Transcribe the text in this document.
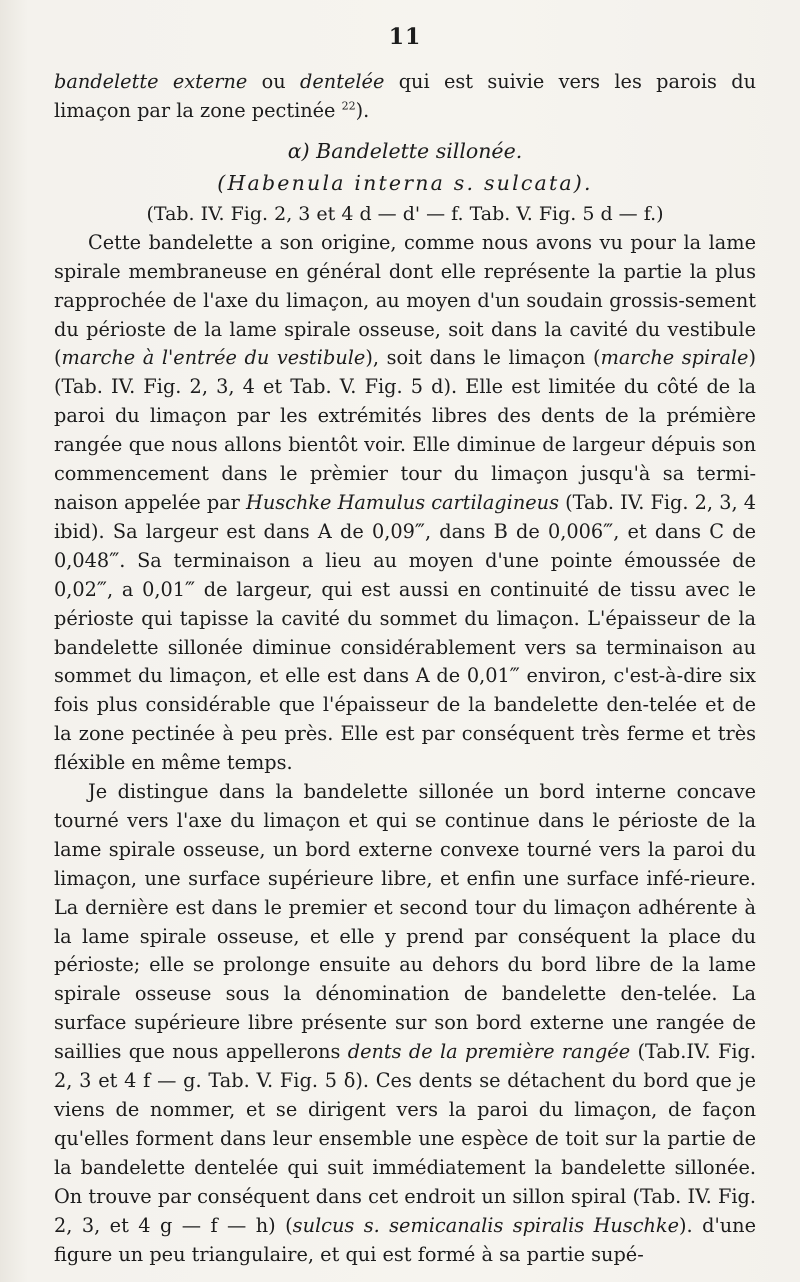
11

bandelette externe ou dentelée qui est suivie vers les parois du limaçon par la zone pectinée $^{22}$).

α) Bandelette sillonée.

(Habenula interna s. sulcata).

(Tab. IV. Fig. 2, 3 et 4 d — d' — f. Tab. V. Fig. 5 d — f.)

Cette bandelette a son origine, comme nous avons vu pour la lame spirale membraneuse en général dont elle représente la partie la plus rapprochée de l'axe du limaçon, au moyen d'un soudain grossis-sement du périoste de la lame spirale osseuse, soit dans la cavité du vestibule (marche à l'entrée du vestibule), soit dans le limaçon (marche spirale) (Tab. IV. Fig. 2, 3, 4 et Tab. V. Fig. 5 d). Elle est limitée du côté de la paroi du limaçon par les extrémités libres des dents de la prémière rangée que nous allons bientôt voir. Elle diminue de largeur dépuis son commencement dans le prèmier tour du limaçon jusqu'à sa termi-naison appelée par Huschke Hamulus cartilagineus (Tab. IV. Fig. 2, 3, 4 ibid). Sa largeur est dans A de 0,09‴, dans B de 0,006‴, et dans C de 0,048‴. Sa terminaison a lieu au moyen d'une pointe émoussée de 0,02‴, a 0,01‴ de largeur, qui est aussi en continuité de tissu avec le périoste qui tapisse la cavité du sommet du limaçon. L'épaisseur de la bandelette sillonée diminue considérablement vers sa terminaison au sommet du limaçon, et elle est dans A de 0,01‴ environ, c'est-à-dire six fois plus considérable que l'épaisseur de la bandelette den-telée et de la zone pectinée à peu près. Elle est par conséquent très ferme et très fléxible en même temps.

Je distingue dans la bandelette sillonée un bord interne concave tourné vers l'axe du limaçon et qui se continue dans le périoste de la lame spirale osseuse, un bord externe convexe tourné vers la paroi du limaçon, une surface supérieure libre, et enfin une surface infé-rieure. La dernière est dans le premier et second tour du limaçon adhérente à la lame spirale osseuse, et elle y prend par conséquent la place du périoste; elle se prolonge ensuite au dehors du bord libre de la lame spirale osseuse sous la dénomination de bandelette den-telée. La surface supérieure libre présente sur son bord externe une rangée de saillies que nous appellerons dents de la première rangée (Tab.IV. Fig. 2, 3 et 4 f — g. Tab. V. Fig. 5 δ). Ces dents se détachent du bord que je viens de nommer, et se dirigent vers la paroi du limaçon, de façon qu'elles forment dans leur ensemble une espèce de toit sur la partie de la bandelette dentelée qui suit immédiatement la bandelette sillonée. On trouve par conséquent dans cet endroit un sillon spiral (Tab. IV. Fig. 2, 3, et 4 g — f — h) (sulcus s. semicanalis spiralis Huschke). d'une figure un peu triangulaire, et qui est formé à sa partie supé-
